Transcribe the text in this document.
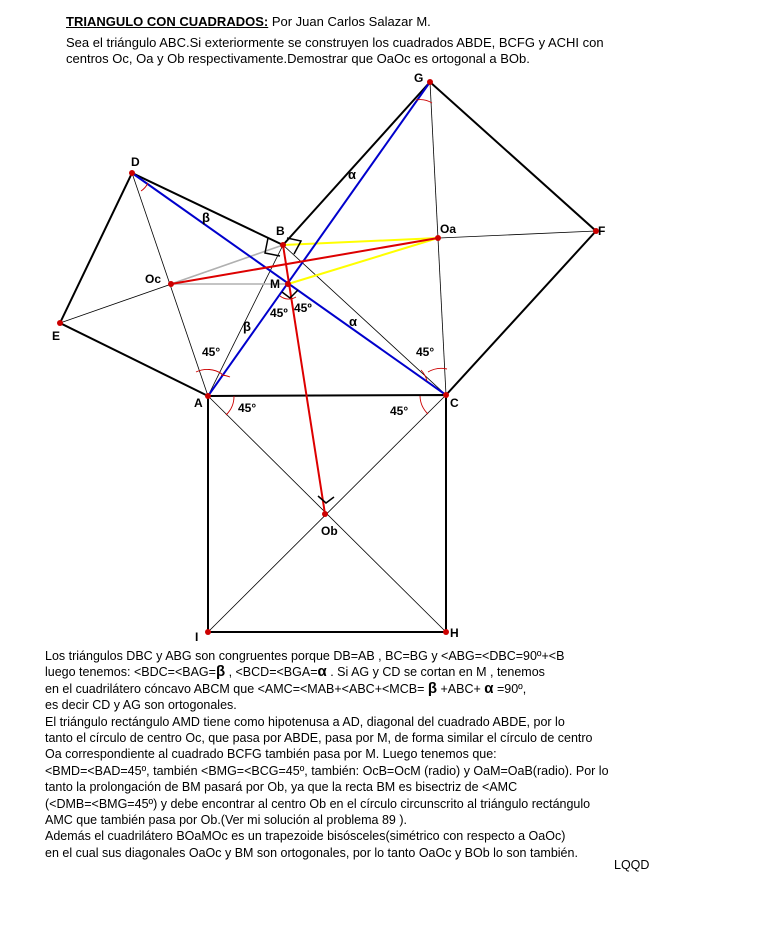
TRIANGULO CON CUADRADOS: Por Juan Carlos Salazar M.
Sea el triángulo ABC.Si exteriormente se construyen los cuadrados ABDE, BCFG y ACHI con
centros Oc, Oa y Ob respectivamente.Demostrar que OaOc es ortogonal a BOb.
A
B
C
D
E
F
G
H
I
M
Oa
Ob
Oc
45°
45°	45°
45°
45º 45º
β
β
α
α
Los triángulos DBC y ABG son congruentes porque DB=AB , BC=BG y <ABG=<DBC=90º+<B
luego tenemos: <BDC=<BAG=β , <BCD=<BGA=α . Si AG y CD se cortan en M , tenemos
en el cuadrilátero cóncavo ABCM que <AMC=<MAB+<ABC+<MCB= β +ABC+ α =90º,
es decir CD y AG son ortogonales.
El triángulo rectángulo AMD tiene como hipotenusa a AD, diagonal del cuadrado ABDE, por lo
tanto el círculo de centro Oc, que pasa por ABDE, pasa por M, de forma similar el círculo de centro
Oa correspondiente al cuadrado BCFG también pasa por M. Luego tenemos que:
<BMD=<BAD=45º, también <BMG=<BCG=45º, también: OcB=OcM (radio) y OaM=OaB(radio). Por lo
tanto la prolongación de BM pasará por Ob, ya que la recta BM es bisectriz de <AMC
(<DMB=<BMG=45º) y debe encontrar al centro Ob en el círculo circunscrito al triángulo rectángulo
AMC que también pasa por Ob.(Ver mi solución al problema 89 ).
Además el cuadrilátero BOaMOc es un trapezoide bisósceles(simétrico con respecto a OaOc)
en el cual sus diagonales OaOc y BM son ortogonales, por lo tanto OaOc y BOb lo son también.
LQQD
